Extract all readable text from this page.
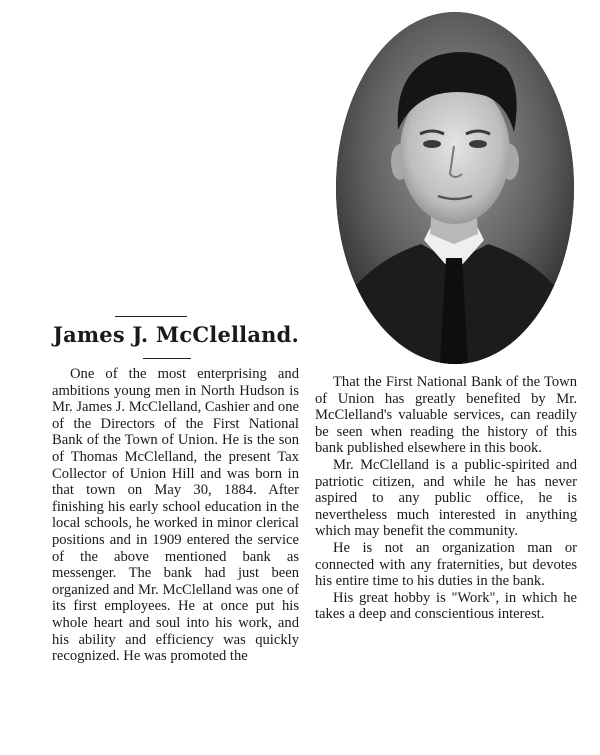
James J. McClelland.

One of the most enterprising and ambitions young men in North Hudson is Mr. James J. McClelland, Cashier and one of the Directors of the First National Bank of the Town of Union. He is the son of Thomas McClelland, the present Tax Collector of Union Hill and was born in that town on May 30, 1884. After finishing his early school education in the local schools, he worked in minor clerical positions and in 1909 entered the service of the above mentioned bank as messenger. The bank had just been organized and Mr. McClelland was one of its first employees. He at once put his whole heart and soul into his work, and his ability and efficiency was quickly recognized. He was promoted the

That the First National Bank of the Town of Union has greatly benefited by Mr. McClelland's valuable services, can readily be seen when reading the history of this bank published elsewhere in this book.

Mr. McClelland is a public-spirited and patriotic citizen, and while he has never aspired to any public office, he is nevertheless much interested in anything which may benefit the community.

He is not an organization man or connected with any fraternities, but devotes his entire time to his duties in the bank.

His great hobby is "Work", in which he takes a deep and conscientious interest.
